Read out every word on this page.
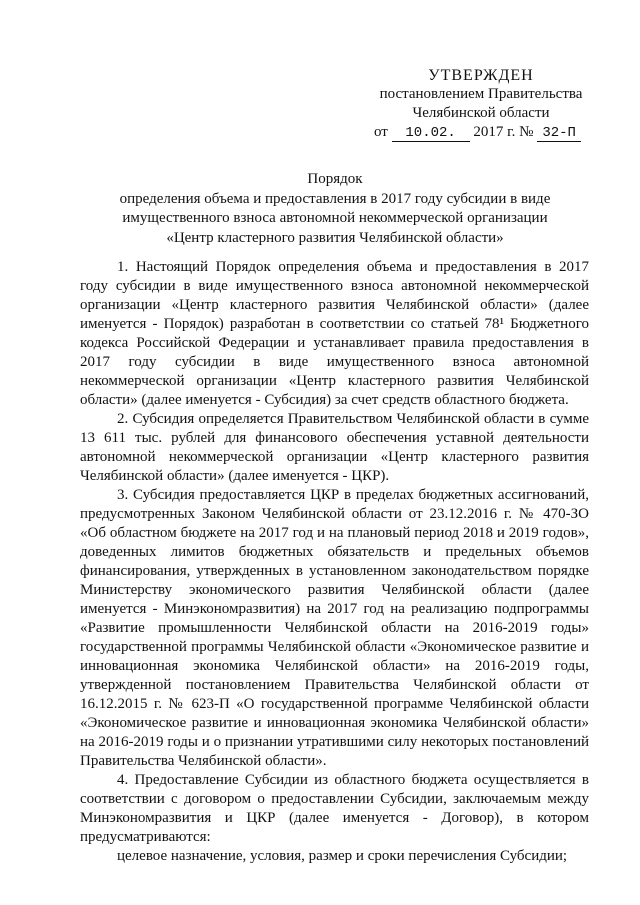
УТВЕРЖДЕН
постановлением Правительства
Челябинской области
от 10.02. 2017 г. № 32-П
Порядок
определения объема и предоставления в 2017 году субсидии в виде
имущественного взноса автономной некоммерческой организации
«Центр кластерного развития Челябинской области»

1. Настоящий Порядок определения объема и предоставления в 2017 году субсидии в виде имущественного взноса автономной некоммерческой организации «Центр кластерного развития Челябинской области» (далее именуется - Порядок) разработан в соответствии со статьей 78¹ Бюджетного кодекса Российской Федерации и устанавливает правила предоставления в 2017 году субсидии в виде имущественного взноса автономной некоммерческой организации «Центр кластерного развития Челябинской области» (далее именуется - Субсидия) за счет средств областного бюджета.

2. Субсидия определяется Правительством Челябинской области в сумме 13 611 тыс. рублей для финансового обеспечения уставной деятельности автономной некоммерческой организации «Центр кластерного развития Челябинской области» (далее именуется - ЦКР).

3. Субсидия предоставляется ЦКР в пределах бюджетных ассигнований, предусмотренных Законом Челябинской области от 23.12.2016 г. № 470-ЗО «Об областном бюджете на 2017 год и на плановый период 2018 и 2019 годов», доведенных лимитов бюджетных обязательств и предельных объемов финансирования, утвержденных в установленном законодательством порядке Министерству экономического развития Челябинской области (далее именуется - Минэкономразвития) на 2017 год на реализацию подпрограммы «Развитие промышленности Челябинской области на 2016-2019 годы» государственной программы Челябинской области «Экономическое развитие и инновационная экономика Челябинской области» на 2016-2019 годы, утвержденной постановлением Правительства Челябинской области от 16.12.2015 г. № 623-П «О государственной программе Челябинской области «Экономическое развитие и инновационная экономика Челябинской области» на 2016-2019 годы и о признании утратившими силу некоторых постановлений Правительства Челябинской области».

4. Предоставление Субсидии из областного бюджета осуществляется в соответствии с договором о предоставлении Субсидии, заключаемым между Минэкономразвития и ЦКР (далее именуется - Договор), в котором предусматриваются:

целевое назначение, условия, размер и сроки перечисления Субсидии;
